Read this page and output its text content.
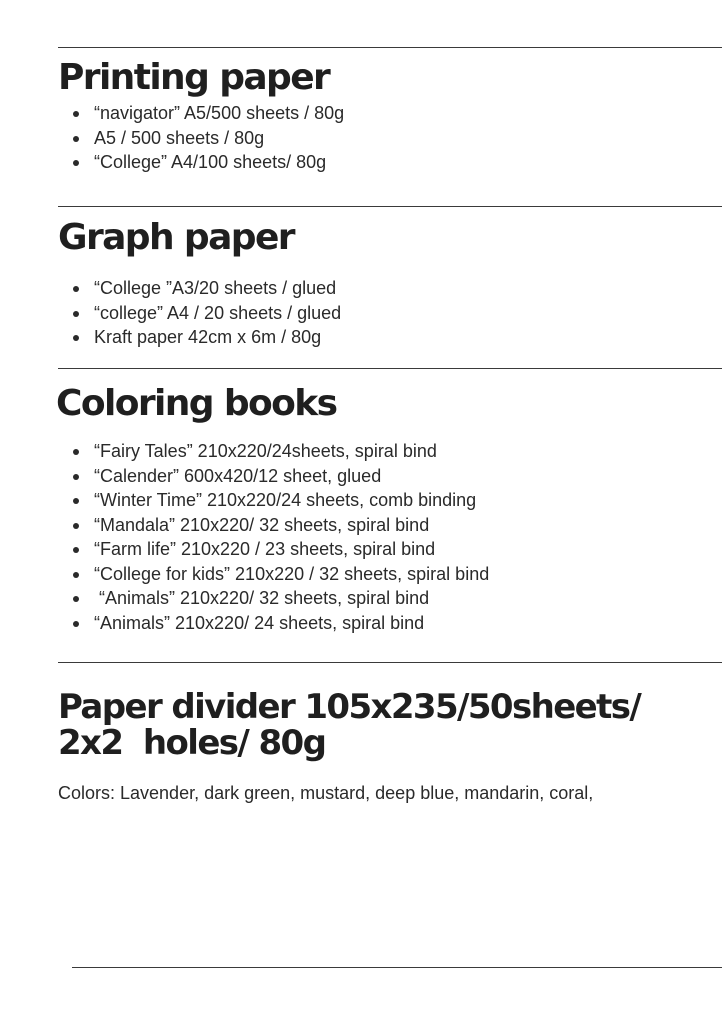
Printing paper
“navigator” A5/500 sheets / 80g
A5 / 500 sheets / 80g
“College” A4/100 sheets/ 80g
Graph paper
“College ”A3/20 sheets / glued
“college” A4 / 20 sheets / glued
Kraft paper 42cm x 6m / 80g
Coloring books
“Fairy Tales” 210x220/24sheets, spiral bind
“Calender” 600x420/12 sheet, glued
“Winter Time” 210x220/24 sheets, comb binding
“Mandala” 210x220/ 32 sheets, spiral bind
“Farm life” 210x220 / 23 sheets, spiral bind
“College for kids” 210x220 / 32 sheets, spiral bind
“Animals” 210x220/ 32 sheets, spiral bind
“Animals” 210x220/ 24 sheets, spiral bind
Paper divider 105x235/50sheets/
2x2  holes/ 80g

Colors: Lavender, dark green, mustard, deep blue, mandarin, coral,
